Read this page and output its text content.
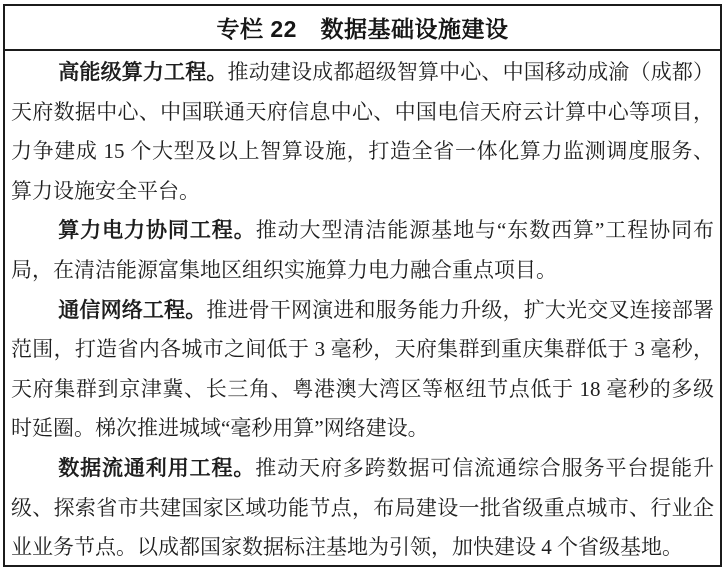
专栏 22　数据基础设施建设

高能级算力工程。推动建设成都超级智算中心、中国移动成渝（成都）天府数据中心、中国联通天府信息中心、中国电信天府云计算中心等项目，力争建成 15 个大型及以上智算设施，打造全省一体化算力监测调度服务、算力设施安全平台。

算力电力协同工程。推动大型清洁能源基地与“东数西算”工程协同布局，在清洁能源富集地区组织实施算力电力融合重点项目。

通信网络工程。推进骨干网演进和服务能力升级，扩大光交叉连接部署范围，打造省内各城市之间低于 3 毫秒，天府集群到重庆集群低于 3 毫秒，天府集群到京津冀、长三角、粤港澳大湾区等枢纽节点低于 18 毫秒的多级时延圈。梯次推进城域“毫秒用算”网络建设。

数据流通利用工程。推动天府多跨数据可信流通综合服务平台提能升级、探索省市共建国家区域功能节点，布局建设一批省级重点城市、行业企业业务节点。以成都国家数据标注基地为引领，加快建设 4 个省级基地。
